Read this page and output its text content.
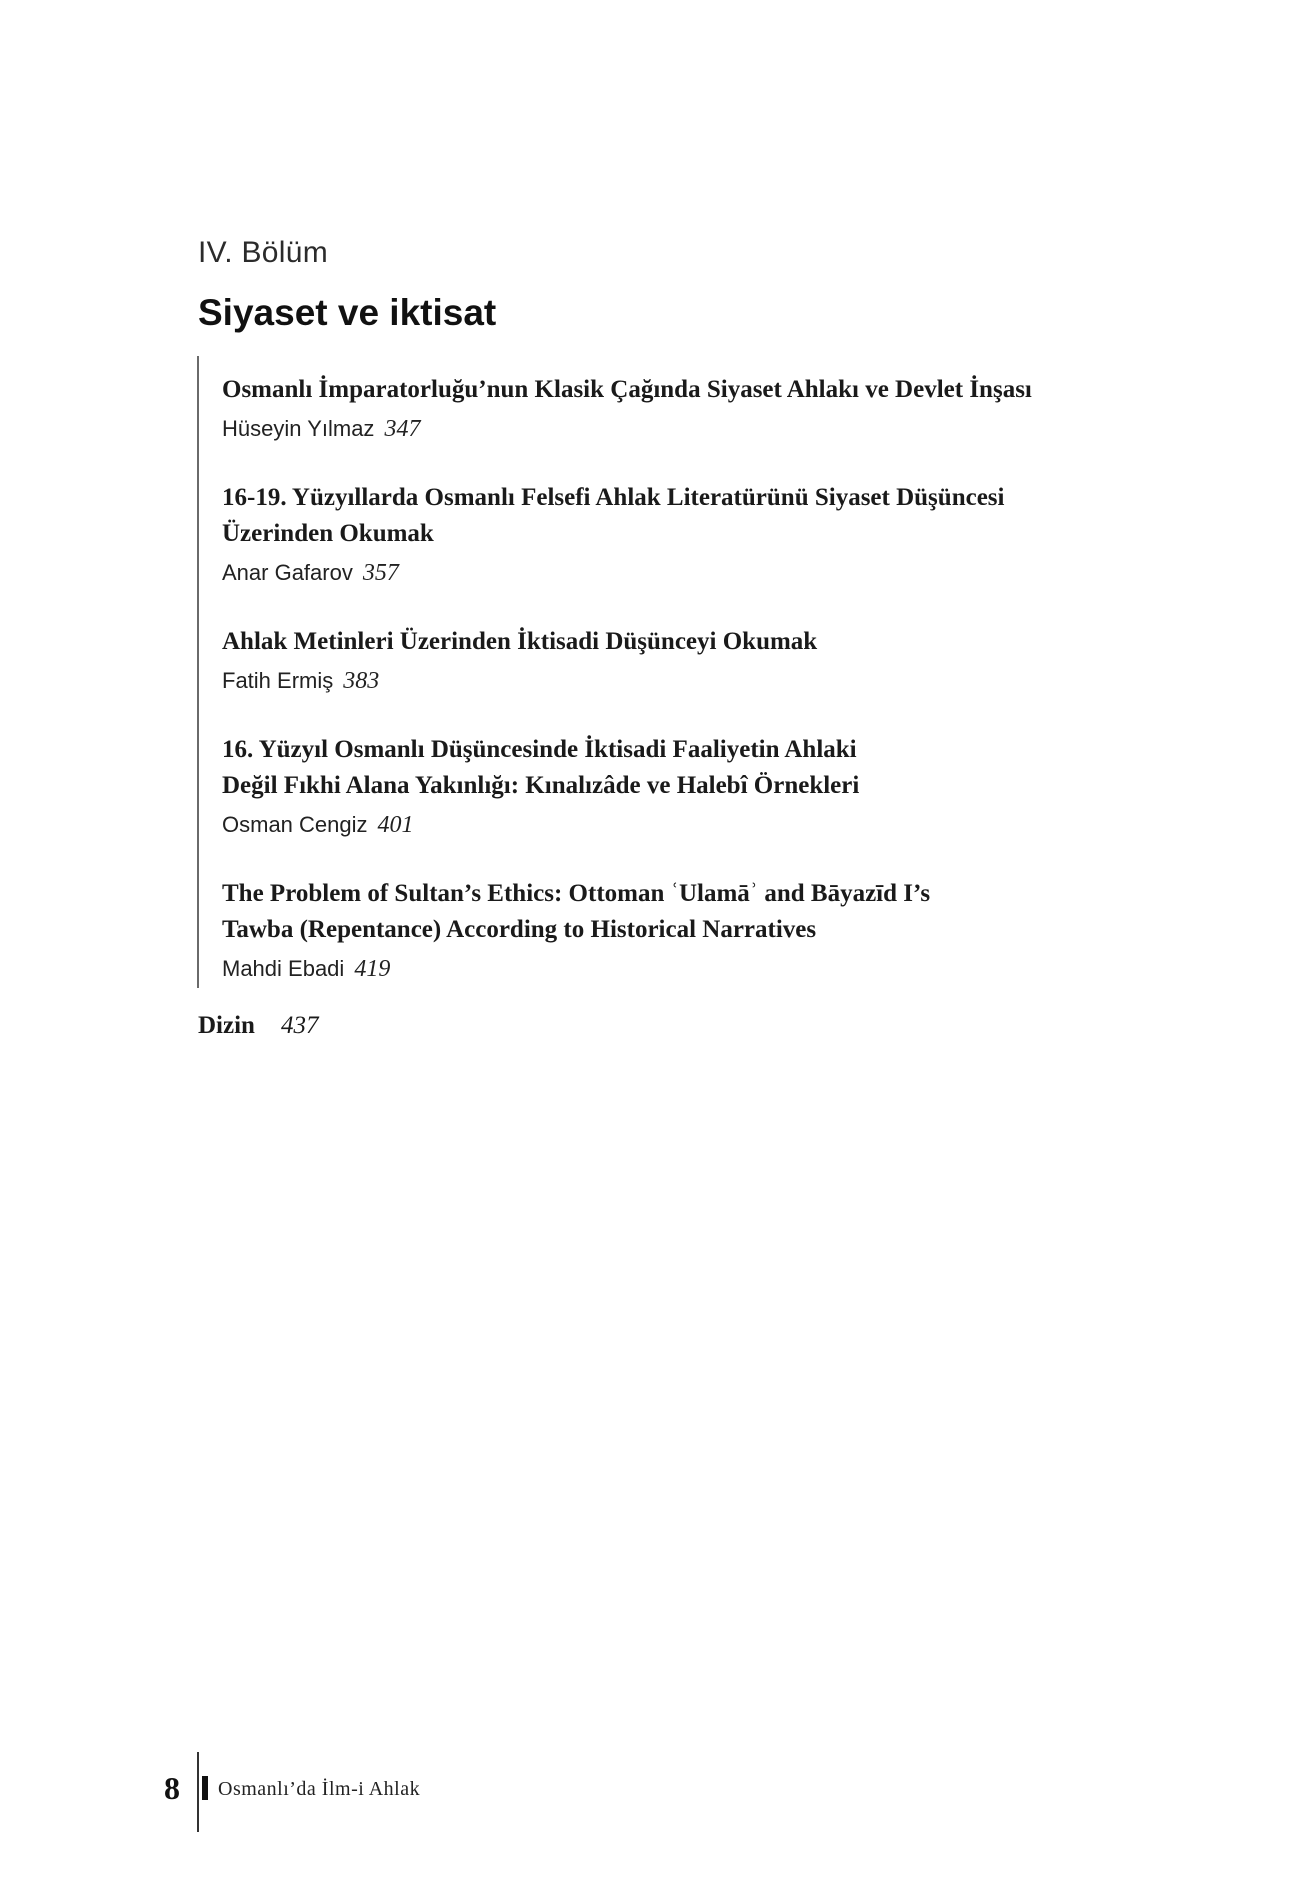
IV. Bölüm
Siyaset ve iktisat
Osmanlı İmparatorluğu’nun Klasik Çağında Siyaset Ahlakı ve Devlet İnşası
Hüseyin Yılmaz 347
16-19. Yüzyıllarda Osmanlı Felsefi Ahlak Literatürünü Siyaset Düşüncesi
Üzerinden Okumak
Anar Gafarov 357
Ahlak Metinleri Üzerinden İktisadi Düşünceyi Okumak
Fatih Ermiş 383
16. Yüzyıl Osmanlı Düşüncesinde İktisadi Faaliyetin Ahlaki
Değil Fıkhi Alana Yakınlığı: Kınalızâde ve Halebî Örnekleri
Osman Cengiz 401
The Problem of Sultan’s Ethics: Ottoman ʿUlamāʾ and Bāyazīd I’s
Tawba (Repentance) According to Historical Narratives
Mahdi Ebadi 419
Dizin 437
8 Osmanlı’da İlm-i Ahlak
